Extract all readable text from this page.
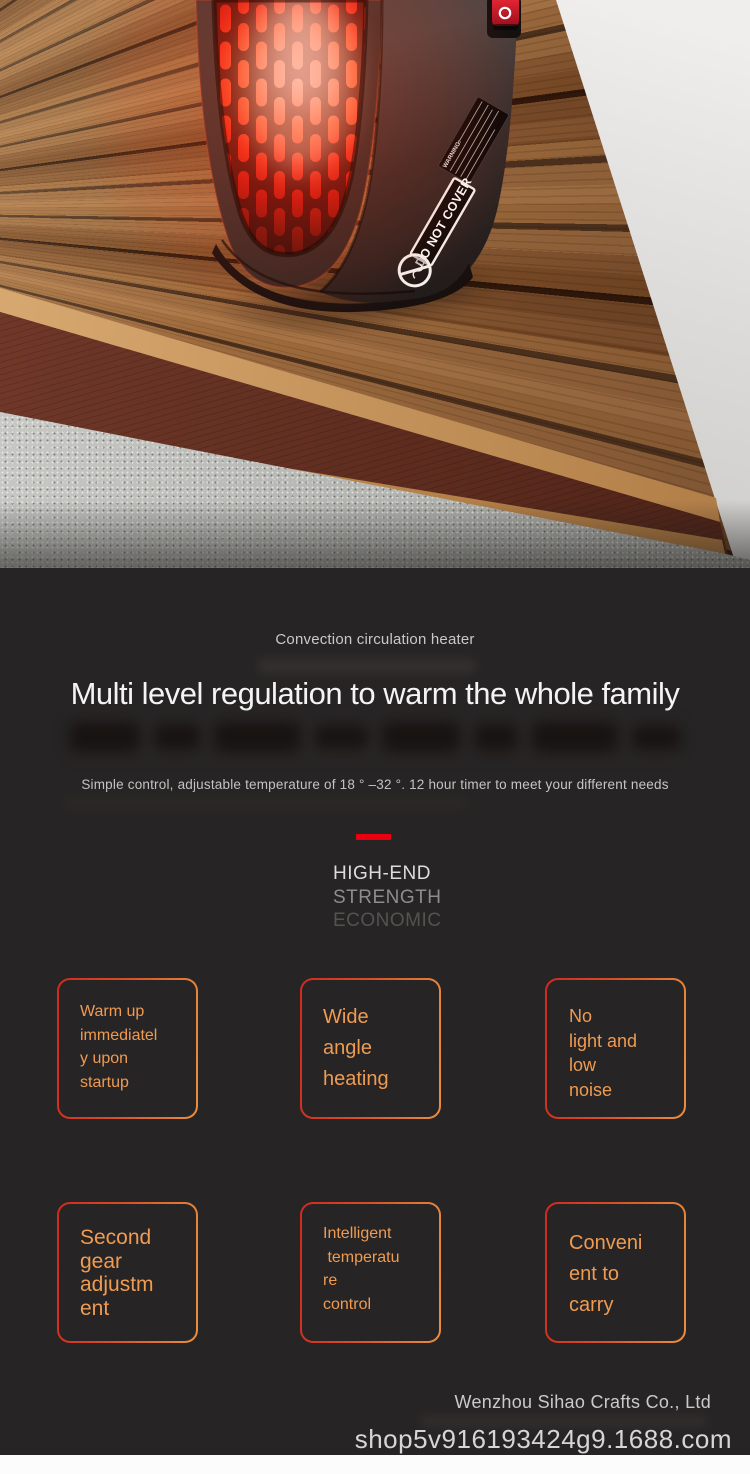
Convection circulation heater
Multi level regulation to warm the whole family
Simple control, adjustable temperature of 18 ° –32 °. 12 hour timer to meet your different needs
HIGH-END
STRENGTH
ECONOMIC
Warm up
immediatel
y upon
startup
Wide
angle
heating
No
light and
low
noise
Second
gear
adjustm
ent
Intelligent
temperatu
re
control
Conveni
ent to
carry
Wenzhou Sihao Crafts Co., Ltd
shop5v916193424g9.1688.com
